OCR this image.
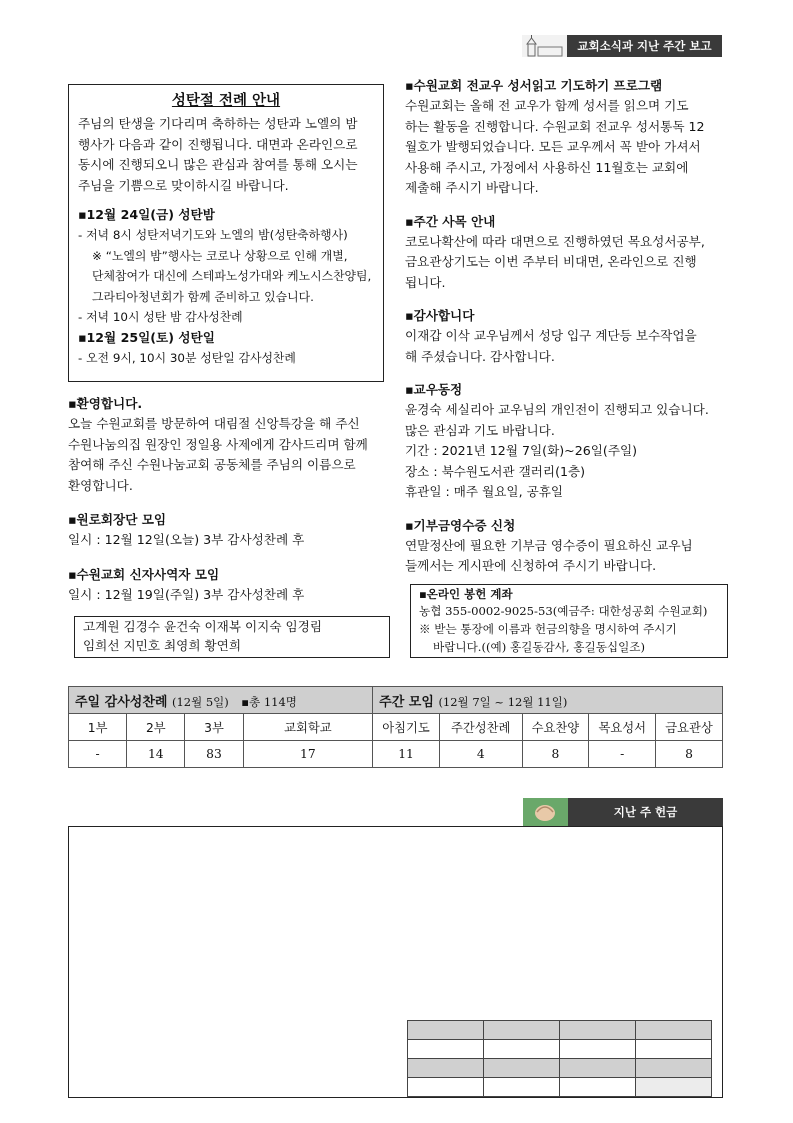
교회소식과 지난 주간 보고
성탄절 전례 안내

주님의 탄생을 기다리며 축하하는 성탄과 노엘의 밤

행사가 다음과 같이 진행됩니다. 대면과 온라인으로

동시에 진행되오니 많은 관심과 참여를 통해 오시는

주님을 기쁨으로 맞이하시길 바랍니다.

▪12월 24일(금) 성탄밤

- 저녁 8시 성탄저녁기도와 노엘의 밤(성탄축하행사)

※ “노엘의 밤”행사는 코로나 상황으로 인해 개별,

단체참여가 대신에 스테파노성가대와 케노시스찬양팀,

그라티아청년회가 함께 준비하고 있습니다.

- 저녁 10시 성탄 밤 감사성찬례

▪12월 25일(토) 성탄일

- 오전 9시, 10시 30분 성탄일 감사성찬례

▪환영합니다.

오늘 수원교회를 방문하여 대림절 신앙특강을 해 주신

수원나눔의집 원장인 정일용 사제에게 감사드리며 함께

참여해 주신 수원나눔교회 공동체를 주님의 이름으로

환영합니다.

▪원로회장단 모임

일시 : 12월 12일(오늘) 3부 감사성찬례 후

▪수원교회 신자사역자 모임

일시 : 12월 19일(주일) 3부 감사성찬례 후

고계원 김경수 윤건숙 이재복 이지숙 임경림

임희선 지민호 최영희 황연희

▪수원교회 전교우 성서읽고 기도하기 프로그램

수원교회는 올해 전 교우가 함께 성서를 읽으며 기도

하는 활동을 진행합니다. 수원교회 전교우 성서통독 12

월호가 발행되었습니다. 모든 교우께서 꼭 받아 가셔서

사용해 주시고, 가정에서 사용하신 11월호는 교회에

제출해 주시기 바랍니다.

▪주간 사목 안내

코로나확산에 따라 대면으로 진행하였던 목요성서공부,

금요관상기도는 이번 주부터 비대면, 온라인으로 진행

됩니다.

▪감사합니다

이재갑 이삭 교우님께서 성당 입구 계단등 보수작업을

해 주셨습니다. 감사합니다.

▪교우동정

윤경숙 세실리아 교우님의 개인전이 진행되고 있습니다.

많은 관심과 기도 바랍니다.

기간 : 2021년 12월 7일(화)~26일(주일)

장소 : 북수원도서관 갤러리(1층)

휴관일 : 매주 월요일, 공휴일

▪기부금영수증 신청

연말정산에 필요한 기부금 영수증이 필요하신 교우님

들께서는 게시판에 신청하여 주시기 바랍니다.

▪온라인 봉헌 계좌

농협 355-0002-9025-53(예금주: 대한성공회 수원교회)

※ 받는 통장에 이름과 헌금의향을 명시하여 주시기

바랍니다.((예) 홍길동감사, 홍길동십일조)

주일 감사성찬례 (12월 5일) ▪총 114명				주간 모임 (12월 7일 ~ 12월 11일)				
1부	2부	3부	교회학교	아침기도	주간성찬례	수요찬양	목요성서	금요관상
-	14	83	17	11	4	8	-	8
지난 주 헌금
